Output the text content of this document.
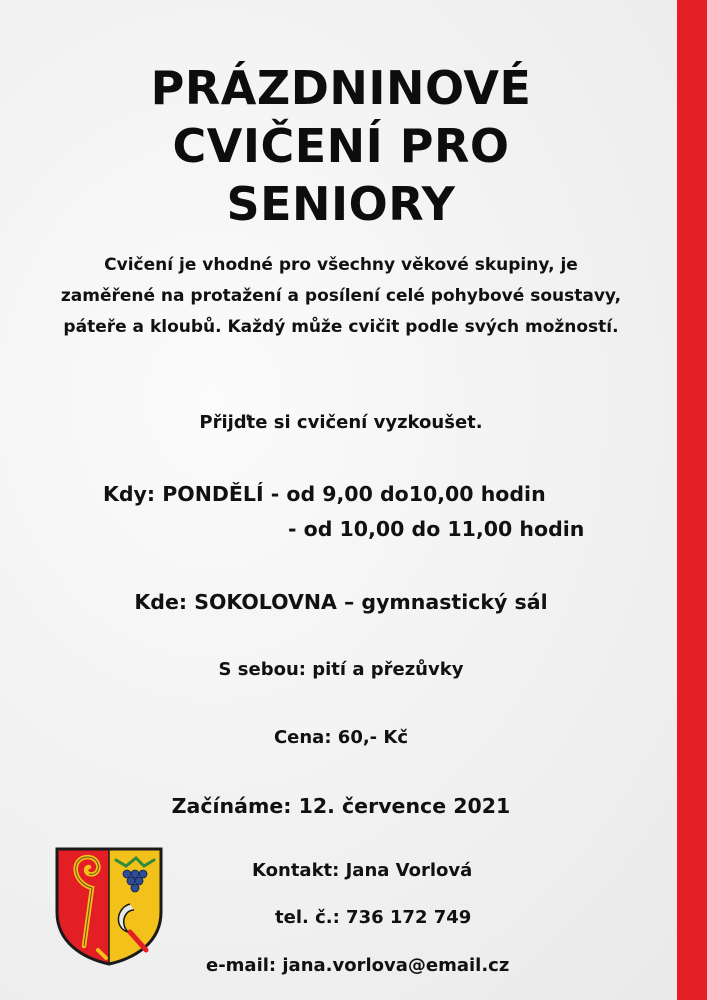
PRÁZDNINOVÉ
CVIČENÍ PRO
SENIORY

Cvičení je vhodné pro všechny věkové skupiny, je zaměřené na protažení a posílení celé pohybové soustavy, páteře a kloubů. Každý může cvičit podle svých možností.

Přijďte si cvičení vyzkoušet.

Kdy: PONDĚLÍ - od 9,00 do10,00 hodin

- od 10,00 do 11,00 hodin

Kde: SOKOLOVNA – gymnastický sál

S sebou: pití a přezůvky

Cena: 60,- Kč

Začínáme: 12. července 2021

Kontakt: Jana Vorlová

tel. č.: 736 172 749

e-mail: jana.vorlova@email.cz
